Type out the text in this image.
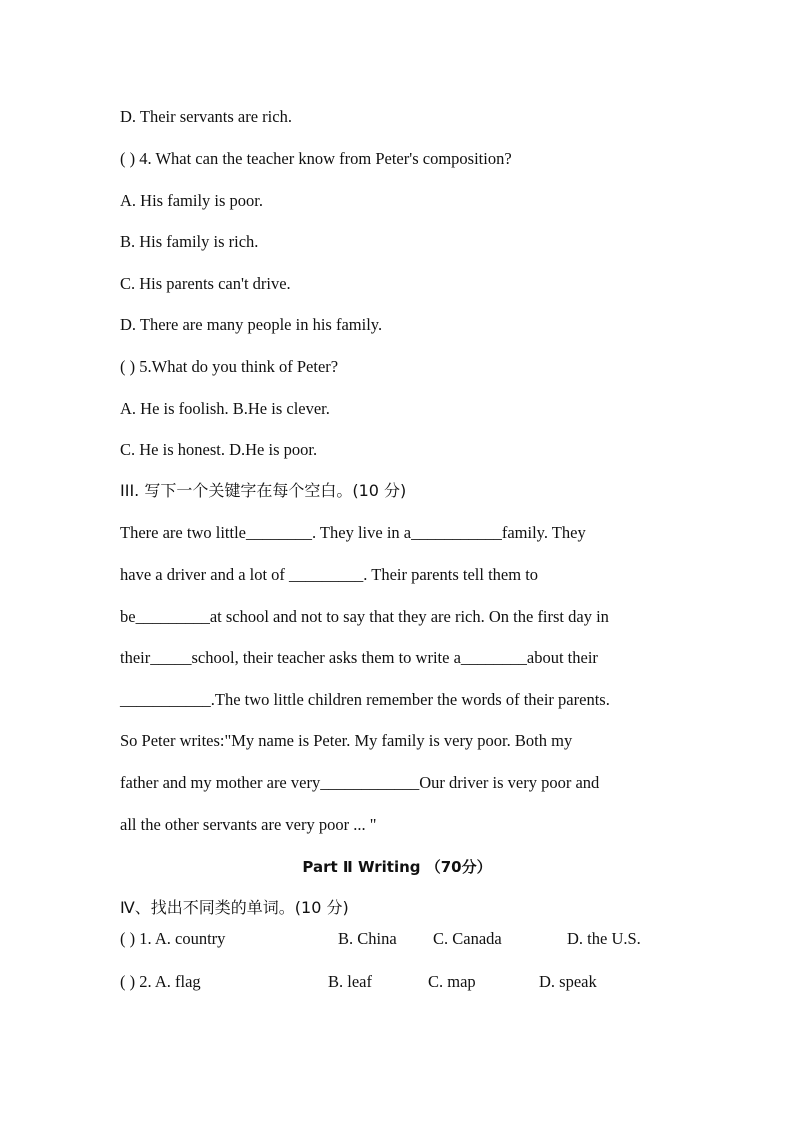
D. Their servants are rich.
( ) 4. What can the teacher know from Peter's composition?
A. His family is poor.
B. His family is rich.
C. His parents can't drive.
D. There are many people in his family.
( ) 5.What do you think of Peter?
A. He is foolish. B.He is clever.
C. He is honest. D.He is poor.
III. 写下一个关键字在每个空白。(10 分)
There are two little________. They live in a___________family. They
have a driver and a lot of _________. Their parents tell them to
be_________at school and not to say that they are rich. On the first day in
their_____school, their teacher asks them to write a________about their
___________.The two little children remember the words of their parents.
So Peter writes:"My name is Peter. My family is very poor. Both my
father and my mother are very____________Our driver is very poor and
all the other servants are very poor ... "
Part Ⅱ Writing （70分）
Ⅳ、找出不同类的单词。(10 分)
( ) 1. A. country	B. China C. Canada	D. the U.S.
( ) 2. A. flag	B. leaf	C. map	D. speak
